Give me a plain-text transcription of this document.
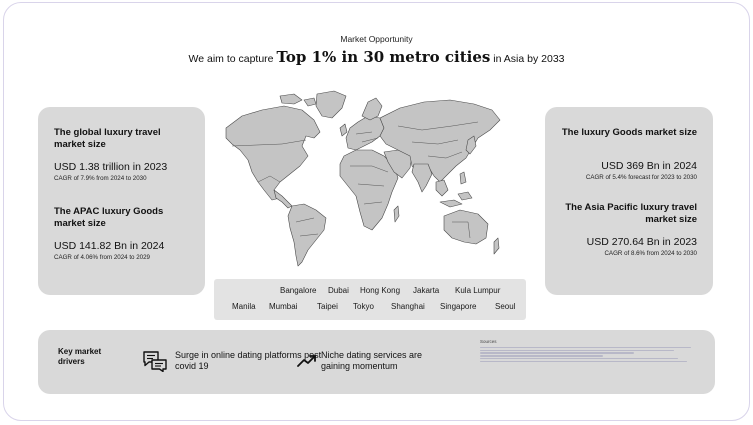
Market Opportunity
We aim to capture Top 1% in 30 metro cities in Asia by 2033
The global luxury travel market size
USD 1.38 trillion in 2023
CAGR of 7.9% from 2024 to 2030
The APAC luxury Goods market size
USD 141.82 Bn in 2024
CAGR of 4.06% from 2024 to 2029
Bangalore Dubai Hong Kong Jakarta Kula Lumpur
Manila Mumbai Taipei Tokyo Shanghai Singapore Seoul
The luxury Goods market size
USD 369 Bn in 2024
CAGR of 5.4% forecast for 2023 to 2030
The Asia Pacific luxury travel market size
USD 270.64 Bn in 2023
CAGR of 8.6% from 2024 to 2030
Key market drivers
Surge in online dating platforms post covid 19
Niche dating services are gaining momentum
Sources
